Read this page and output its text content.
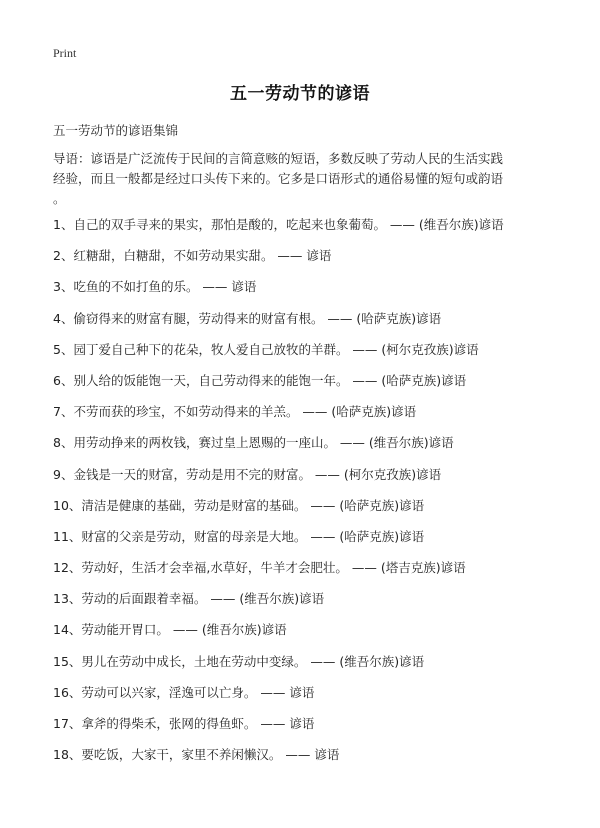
Print
五一劳动节的谚语
五一劳动节的谚语集锦
导语：谚语是广泛流传于民间的言简意赅的短语，多数反映了劳动人民的生活实践
经验，而且一般都是经过口头传下来的。它多是口语形式的通俗易懂的短句或韵语
。
1、自己的双手寻来的果实，那怕是酸的，吃起来也象葡萄。 —— (维吾尔族)谚语
2、红糖甜，白糖甜，不如劳动果实甜。 —— 谚语
3、吃鱼的不如打鱼的乐。 —— 谚语
4、偷窃得来的财富有腿，劳动得来的财富有根。 —— (哈萨克族)谚语
5、园丁爱自己种下的花朵，牧人爱自己放牧的羊群。 —— (柯尔克孜族)谚语
6、别人给的饭能饱一天，自己劳动得来的能饱一年。 —— (哈萨克族)谚语
7、不劳而获的珍宝，不如劳动得来的羊羔。 —— (哈萨克族)谚语
8、用劳动挣来的两枚钱，赛过皇上恩赐的一座山。 —— (维吾尔族)谚语
9、金钱是一天的财富，劳动是用不完的财富。 —— (柯尔克孜族)谚语
10、清洁是健康的基础，劳动是财富的基础。 —— (哈萨克族)谚语
11、财富的父亲是劳动，财富的母亲是大地。 —— (哈萨克族)谚语
12、劳动好，生活才会幸福,水草好，牛羊才会肥壮。 —— (塔吉克族)谚语
13、劳动的后面跟着幸福。 —— (维吾尔族)谚语
14、劳动能开胃口。 —— (维吾尔族)谚语
15、男儿在劳动中成长，土地在劳动中变绿。 —— (维吾尔族)谚语
16、劳动可以兴家，淫逸可以亡身。 —— 谚语
17、拿斧的得柴禾，张网的得鱼虾。 —— 谚语
18、要吃饭，大家干，家里不养闲懒汉。 —— 谚语
